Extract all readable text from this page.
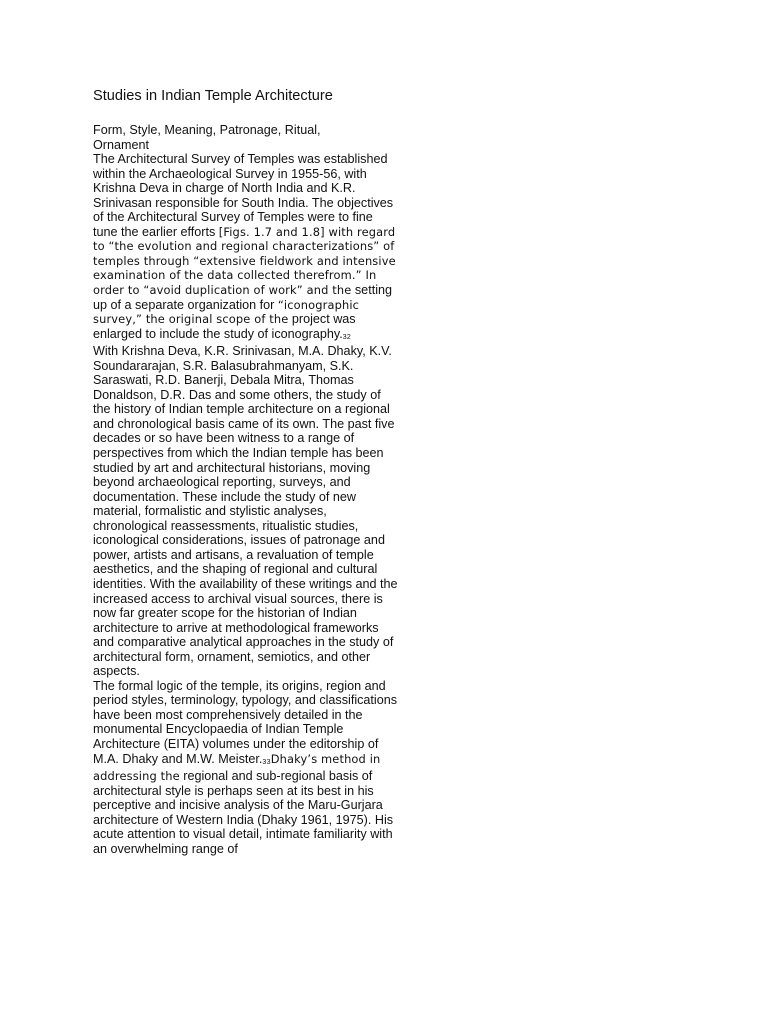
Studies in Indian Temple Architecture

Form, Style, Meaning, Patronage, Ritual, Ornament

The Architectural Survey of Temples was established within the Archaeological Survey in 1955-56, with Krishna Deva in charge of North India and K.R. Srinivasan responsible for South India. The objectives of the Architectural Survey of Temples were to fine tune the earlier efforts [Figs. 1.7 and 1.8] with regard to “the evolution and regional characterizations” of temples through “extensive fieldwork and intensive examination of the data collected therefrom.” In order to “avoid duplication of work” and the setting up of a separate organization for “iconographic survey,” the original scope of the project was enlarged to include the study of iconography.32

With Krishna Deva, K.R. Srinivasan, M.A. Dhaky, K.V. Soundararajan, S.R. Balasubrahmanyam, S.K. Saraswati, R.D. Banerji, Debala Mitra, Thomas Donaldson, D.R. Das and some others, the study of the history of Indian temple architecture on a regional and chronological basis came of its own. The past five decades or so have been witness to a range of perspectives from which the Indian temple has been studied by art and architectural historians, moving beyond archaeological reporting, surveys, and documentation. These include the study of new material, formalistic and stylistic analyses, chronological reassessments, ritualistic studies, iconological considerations, issues of patronage and power, artists and artisans, a revaluation of temple aesthetics, and the shaping of regional and cultural identities. With the availability of these writings and the increased access to archival visual sources, there is now far greater scope for the historian of Indian architecture to arrive at methodological frameworks and comparative analytical approaches in the study of architectural form, ornament, semiotics, and other aspects.

The formal logic of the temple, its origins, region and period styles, terminology, typology, and classifications have been most comprehensively detailed in the monumental Encyclopaedia of Indian Temple Architecture (EITA) volumes under the editorship of M.A. Dhaky and M.W. Meister.33Dhaky’s method in addressing the regional and sub-regional basis of architectural style is perhaps seen at its best in his perceptive and incisive analysis of the Maru-Gurjara architecture of Western India (Dhaky 1961, 1975). His acute attention to visual detail, intimate familiarity with an overwhelming range of
